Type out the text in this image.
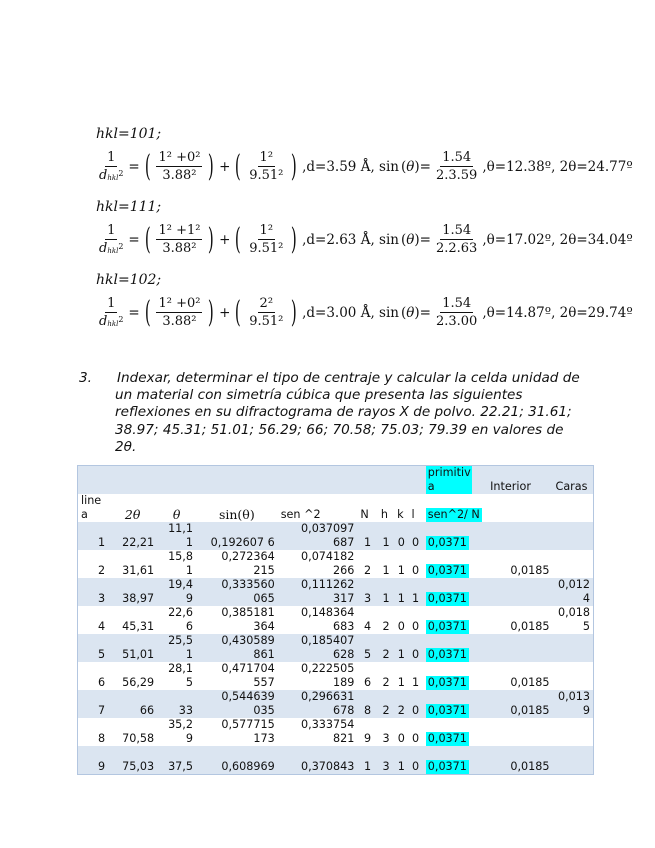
hkl=101;
$\frac{1}{d_{hkl}^2}$ = ( $\frac{\text{1² +0²}}{\text{3.88²}}$ ) + ( $\frac{\text{1²}}{\text{9.51²}}$ ) ,d=3.59 Å, $\sin (\theta)= \frac{1.54}{2.3.59}$ ,θ=12.38º, 2θ=24.77º
hkl=111;
$\frac{1}{d_{hkl}^2}$ = ( $\frac{\text{1² +1²}}{\text{3.88²}}$ ) + ( $\frac{\text{1²}}{\text{9.51²}}$ ) ,d=2.63 Å, $\sin (\theta)= \frac{1.54}{2.2.63}$ ,θ=17.02º, 2θ=34.04º
hkl=102;
$\frac{1}{d_{hkl}^2}$ = ( $\frac{\text{1² +0²}}{\text{3.88²}}$ ) + ( $\frac{\text{2²}}{\text{9.51²}}$ ) ,d=3.00 Å, $\sin (\theta)= \frac{1.54}{2.3.00}$ ,θ=14.87º, 2θ=29.74º
3. Indexar, determinar el tipo de centraje y calcular la celda unidad de un material con simetría cúbica que presenta las siguientes reflexiones en su difractograma de rayos X de polvo. 22.21; 31.61; 38.97; 45.31; 51.01; 56.29; 66; 70.58; 75.03; 79.39 en valores de 2θ.
									primitiv a	Interior	Caras
line a	2θ	θ	sin(θ)	sen ^2	N	h	k	l	sen^2/ N		
1	22,21	11,1 1	0,192607 6	0,037097 687	1	1	0	0	0,0371		
2	31,61	15,8 1	0,272364 215	0,074182 266	2	1	1	0	0,0371	0,0185	
3	38,97	19,4 9	0,333560 065	0,111262 317	3	1	1	1	0,0371		0,012 4
4	45,31	22,6 6	0,385181 364	0,148364 683	4	2	0	0	0,0371	0,0185	0,018 5
5	51,01	25,5 1	0,430589 861	0,185407 628	5	2	1	0	0,0371		
6	56,29	28,1 5	0,471704 557	0,222505 189	6	2	1	1	0,0371	0,0185	
7	66	33	0,544639 035	0,296631 678	8	2	2	0	0,0371	0,0185	0,013 9
8	70,58	35,2 9	0,577715 173	0,333754 821	9	3	0	0	0,0371		
9	75,03	37,5	0,608969	0,370843	1	3	1	0	0,0371	0,0185	
